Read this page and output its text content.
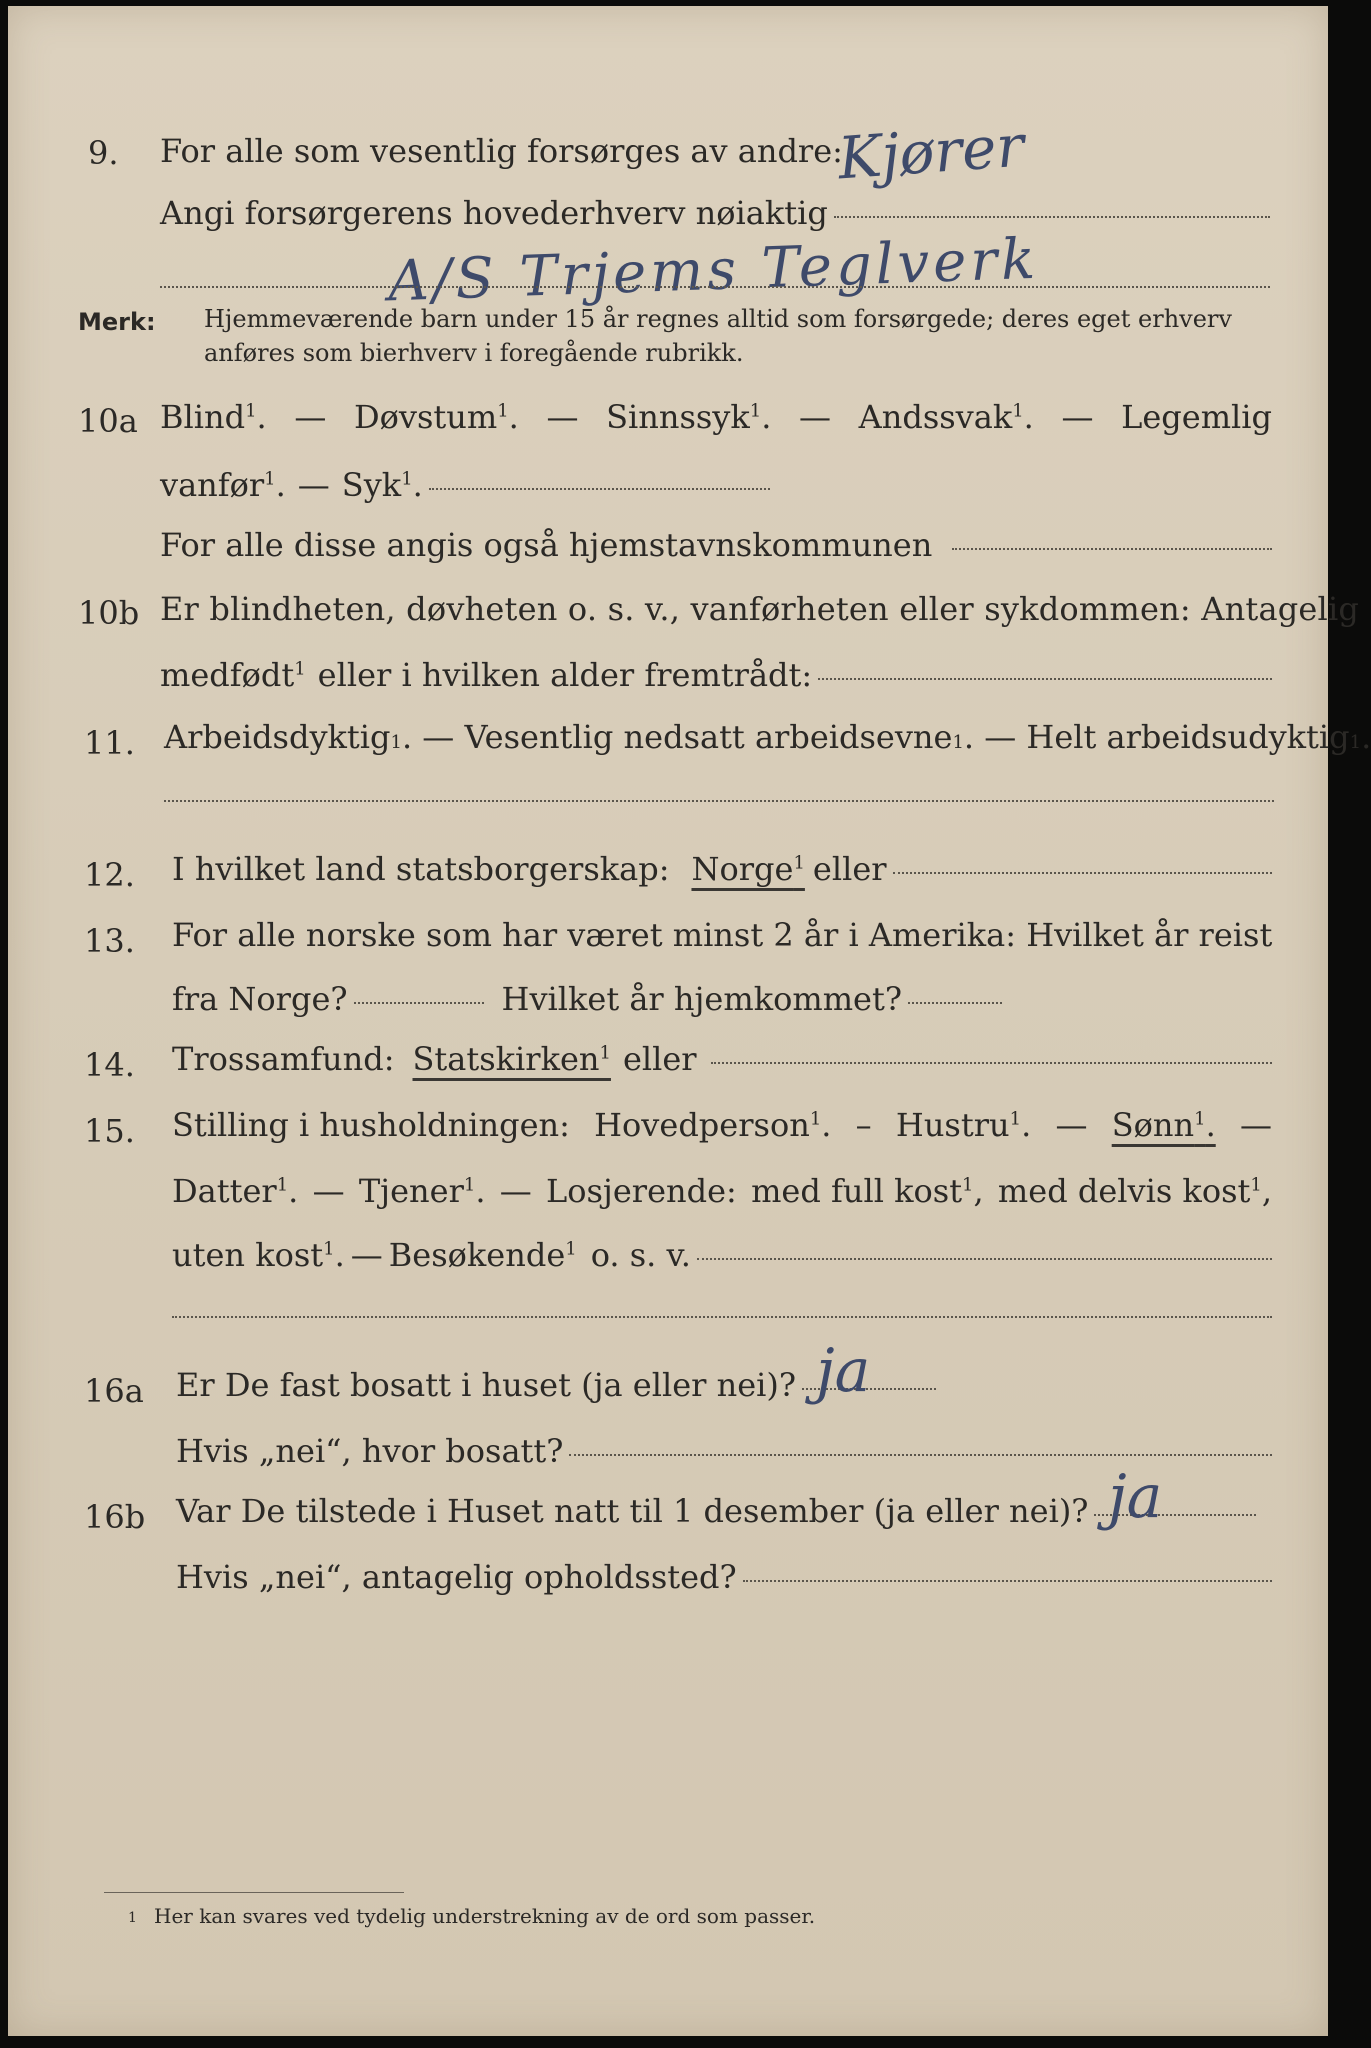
9. For alle som vesentlig forsørges av andre:
Kjører
Angi forsørgerens hovederhverv nøiaktig
A/S Trjems Teglverk
Merk: Hjemmeværende barn under 15 år regnes alltid som forsørgede; deres eget erhverv
anføres som bierhverv i foregående rubrikk.
10a Blind$^1$. — Døvstum$^1$. — Sinnssyk$^1$. — Andssvak$^1$. — Legemlig
vanfør$^1$. — Syk$^1$.
For alle disse angis også hjemstavnskommunen
10b Er blindheten, døvheten o. s. v., vanførheten eller sykdommen: Antagelig
medfødt$^1$ eller i hvilken alder fremtrådt:
11. Arbeidsdyktig 1 . — Vesentlig nedsatt arbeidsevne 1 . — Helt arbeidsudyktig 1 .
12. I hvilket land statsborgerskap: Norge$^1$ eller
13. For alle norske som har været minst 2 år i Amerika: Hvilket år reist
fra Norge?	Hvilket år hjemkommet?
14. Trossamfund: Statskirken$^1$ eller
15. Stilling i husholdningen: Hovedperson$^1$. – Hustru$^1$. — Sønn$^1$. —
Datter$^1$. — Tjener$^1$. — Losjerende: med full kost$^1$, med delvis kost$^1$,
uten kost$^1$. — Besøkende$^1$ o. s. v.
16a Er De fast bosatt i huset (ja eller nei)? ja
Hvis „nei“, hvor bosatt?
16b Var De tilstede i Huset natt til 1 desember (ja eller nei)? ja
Hvis „nei“, antagelig opholdssted?
1 Her kan svares ved tydelig understrekning av de ord som passer.
